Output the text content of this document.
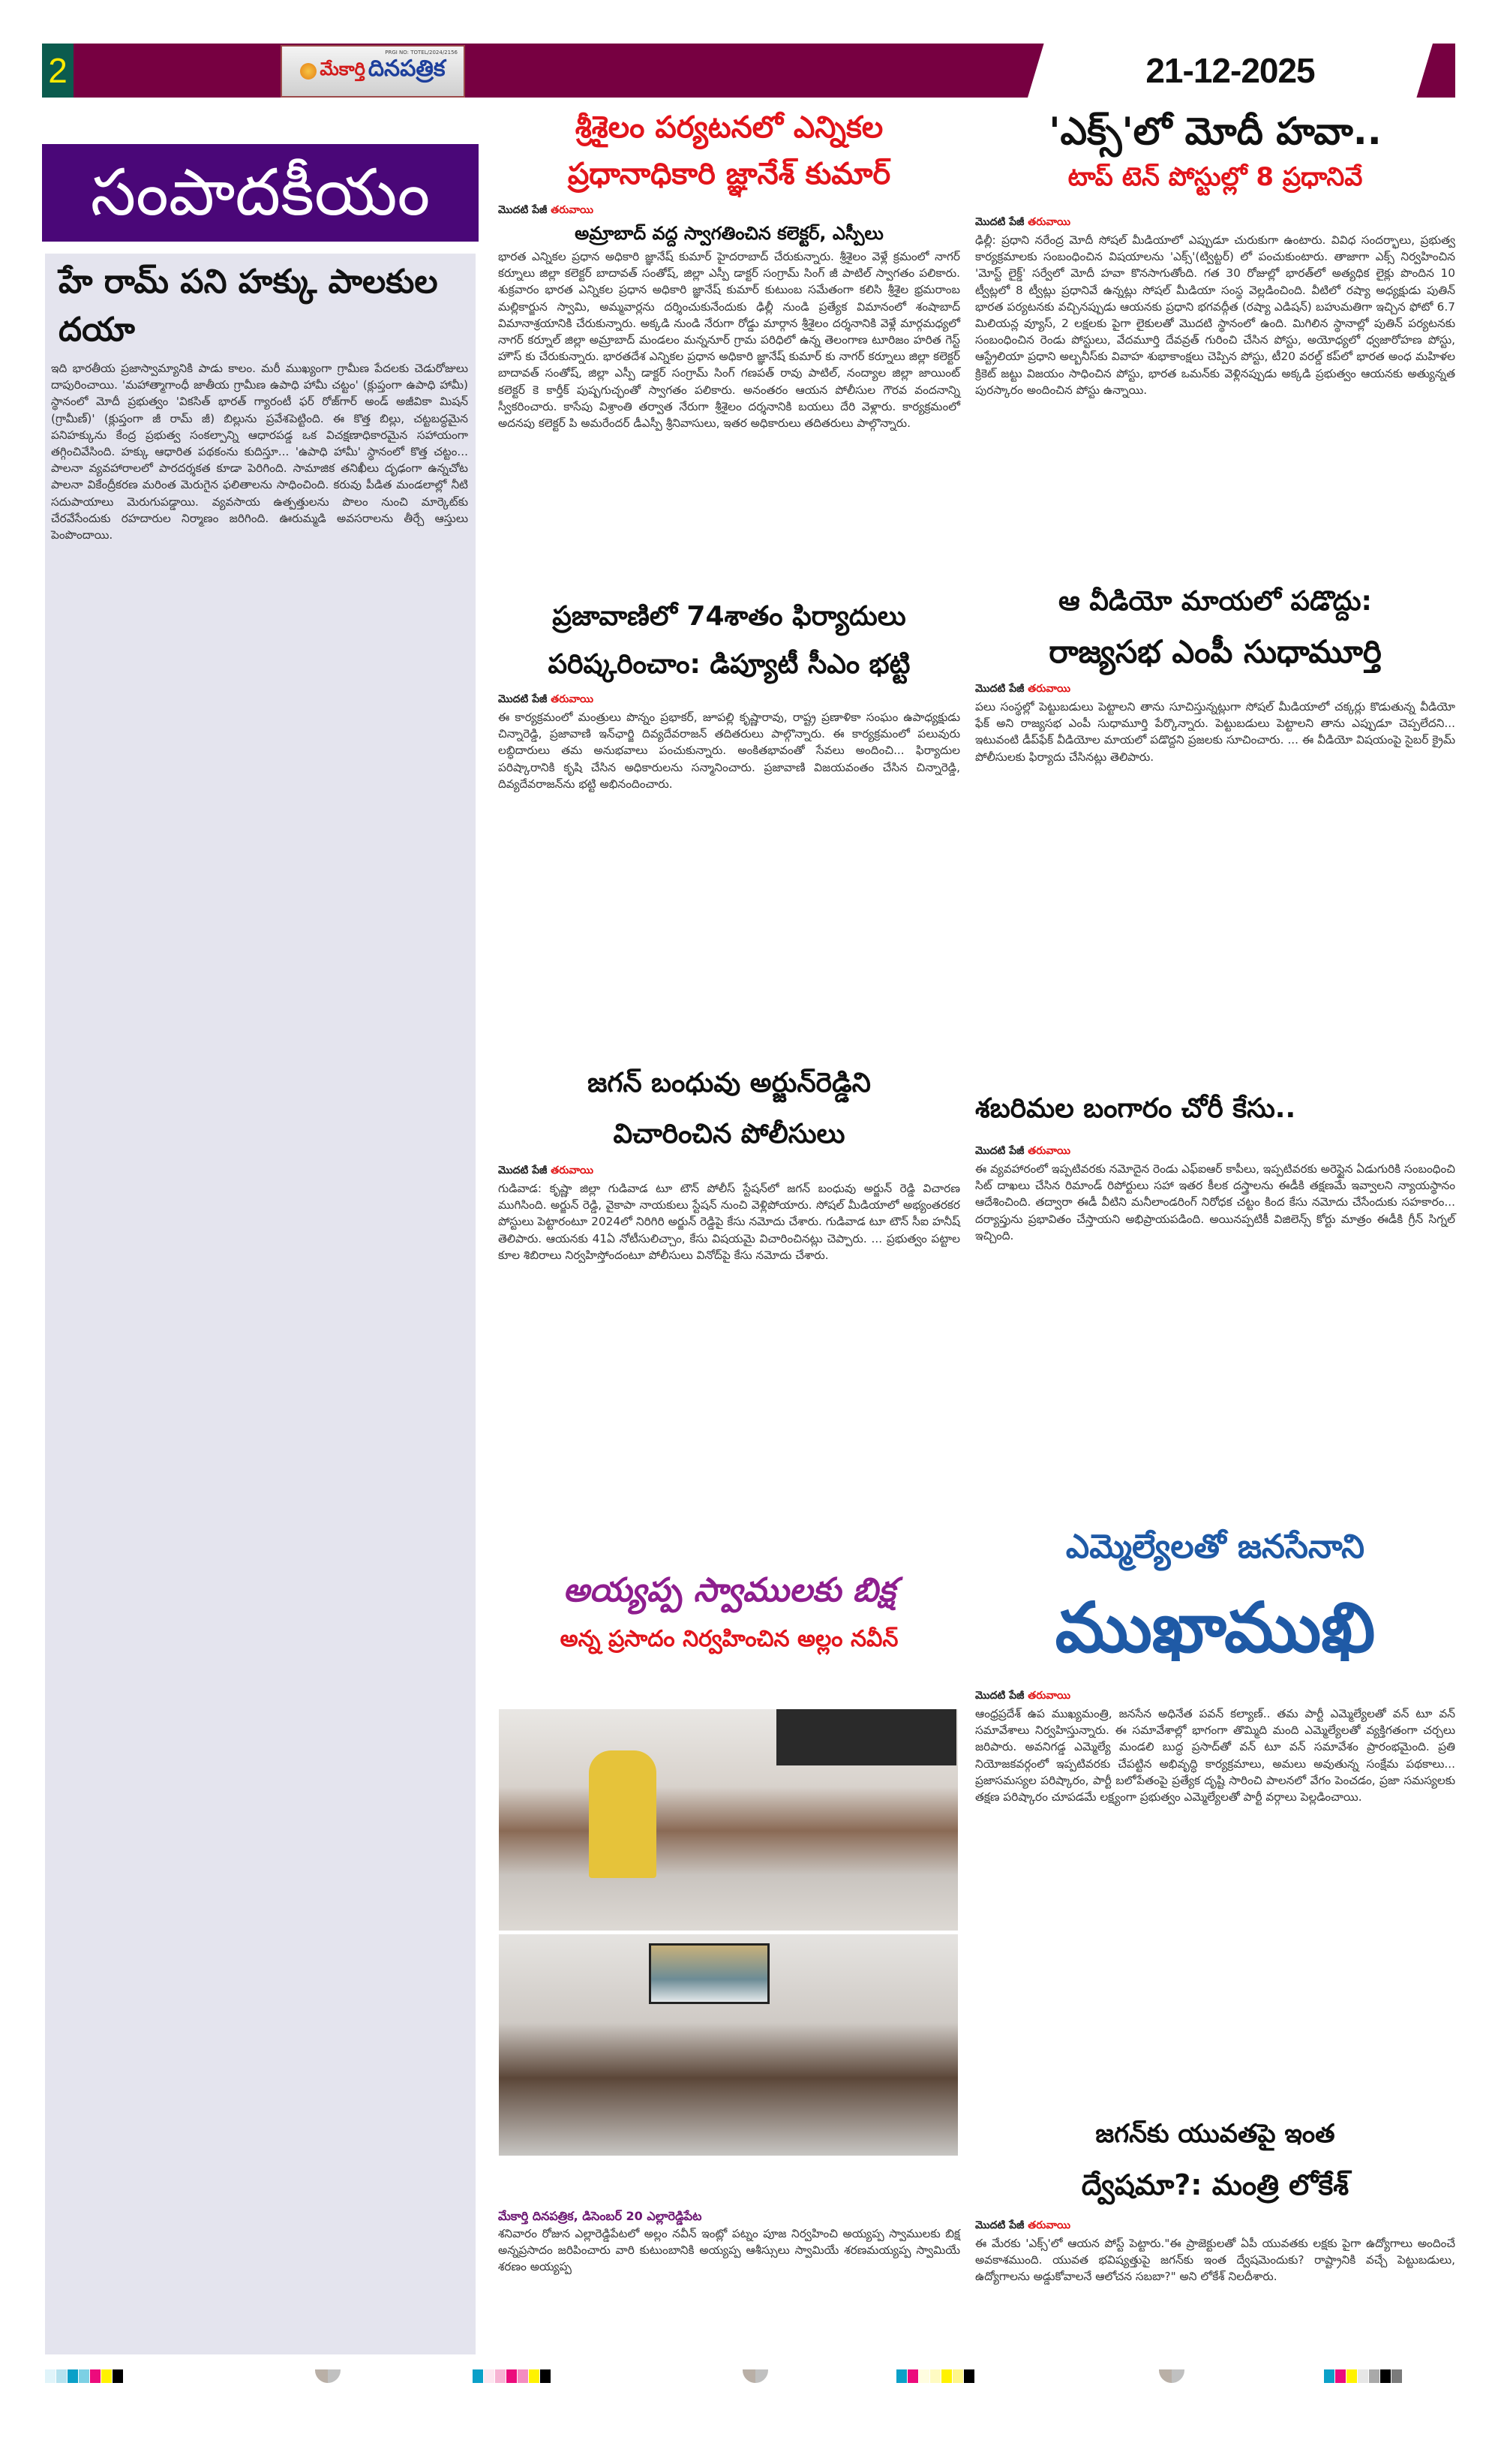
2	మేకార్తి దినపత్రిక
PRGI NO: TOTEL/2024/2156	21-12-2025
సంపాదకీయం
హే రామ్ పని హక్కు పాలకుల దయా
ఇది భారతీయ ప్రజాస్వామ్యానికి పాడు కాలం. మరీ ముఖ్యంగా గ్రామీణ పేదలకు చెడురోజులు దాపురించాయి. 'మహాత్మాగాంధీ జాతీయ గ్రామీణ ఉపాధి హామీ చట్టం' (క్లుప్తంగా ఉపాధి హామీ) స్థానంలో మోదీ ప్రభుత్వం 'వికసిత్ భారత్ గ్యారంటీ ఫర్ రోజ్‌గార్ అండ్ అజీవికా మిషన్ (గ్రామీణ్)' (క్లుప్తంగా జీ రామ్ జీ) బిల్లును ప్రవేశపెట్టింది. ఈ కొత్త బిల్లు, చట్టబద్ధమైన పనిహక్కును కేంద్ర ప్రభుత్వ సంకల్పాన్ని ఆధారపడ్డ ఒక విచక్షణాధికారమైన సహాయంగా తగ్గించివేసింది. హక్కు ఆధారిత పథకంను కుదిస్తూ... 'ఉపాధి హామీ' స్థానంలో కొత్త చట్టం... పాలనా వ్యవహారాలలో పారదర్శకత కూడా పెరిగింది. సామాజిక తనిఖీలు దృఢంగా ఉన్నచోట పాలనా వికేంద్రీకరణ మరింత మెరుగైన ఫలితాలను సాధించింది. కరువు పీడిత మండలాల్లో నీటి సదుపాయాలు మెరుగుపడ్డాయి. వ్యవసాయ ఉత్పత్తులను పొలం నుంచి మార్కెట్‌కు చేరవేసేందుకు రహదారుల నిర్మాణం జరిగింది. ఊరుమ్మడి అవసరాలను తీర్చే ఆస్తులు పెంపొందాయి.
శ్రీశైలం పర్యటనలో ఎన్నికల
ప్రధానాధికారి జ్ఞానేశ్ కుమార్
మొదటి పేజీ తరువాయి
అమ్రాబాద్ వద్ద స్వాగతించిన కలెక్టర్, ఎస్పీలు
భారత ఎన్నికల ప్రధాన అధికారి జ్ఞానేష్ కుమార్ హైదరాబాద్ చేరుకున్నారు. శ్రీశైలం వెళ్లే క్రమంలో నాగర్ కర్నూలు జిల్లా కలెక్టర్ బాదావత్ సంతోష్, జిల్లా ఎస్పీ డాక్టర్ సంగ్రామ్ సింగ్ జీ పాటిల్ స్వాగతం పలికారు. శుక్రవారం భారత ఎన్నికల ప్రధాన అధికారి జ్ఞానేష్ కుమార్ కుటుంబ సమేతంగా కలిసి శ్రీశైల భ్రమరాంబ మల్లికార్జున స్వామి, అమ్మవార్లను దర్శించుకునేందుకు ఢిల్లీ నుండి ప్రత్యేక విమానంలో శంషాబాద్ విమానాశ్రయానికి చేరుకున్నారు. అక్కడి నుండి నేరుగా రోడ్డు మార్గాన శ్రీశైలం దర్శనానికి వెళ్లే మార్గమధ్యలో నాగర్ కర్నూల్ జిల్లా అమ్రాబాద్ మండలం మన్ననూర్ గ్రామ పరిధిలో ఉన్న తెలంగాణ టూరిజం హరిత గెస్ట్ హౌస్ కు చేరుకున్నారు. భారతదేశ ఎన్నికల ప్రధాన అధికారి జ్ఞానేష్ కుమార్ కు నాగర్ కర్నూలు జిల్లా కలెక్టర్ బాదావత్ సంతోష్, జిల్లా ఎస్పీ డాక్టర్ సంగ్రామ్ సింగ్ గణపత్ రావు పాటిల్, నంద్యాల జిల్లా జాయింట్ కలెక్టర్ కె కార్తీక్ పుష్పగుచ్ఛంతో స్వాగతం పలికారు. అనంతరం ఆయన పోలీసుల గౌరవ వందనాన్ని స్వీకరించారు. కాసేపు విశ్రాంతి తర్వాత నేరుగా శ్రీశైలం దర్శనానికి బయలు దేరి వెళ్లారు. కార్యక్రమంలో అదనపు కలెక్టర్ పి అమరేందర్ డీఎస్పీ శ్రీనివాసులు, ఇతర అధికారులు తదితరులు పాల్గొన్నారు.
ప్రజావాణిలో 74శాతం ఫిర్యాదులు
పరిష్కరించాం: డిప్యూటీ సీఎం భట్టి
మొదటి పేజీ తరువాయి
ఈ కార్యక్రమంలో మంత్రులు పొన్నం ప్రభాకర్, జూపల్లి కృష్ణారావు, రాష్ట్ర ప్రణాళికా సంఘం ఉపాధ్యక్షుడు చిన్నారెడ్డి, ప్రజావాణి ఇన్‌ఛార్జి దివ్యదేవరాజన్ తదితరులు పాల్గొన్నారు. ఈ కార్యక్రమంలో పలువురు లబ్ధిదారులు తమ అనుభవాలు పంచుకున్నారు. అంకితభావంతో సేవలు అందించి... ఫిర్యాదుల పరిష్కారానికి కృషి చేసిన అధికారులను సన్మానించారు. ప్రజావాణి విజయవంతం చేసిన చిన్నారెడ్డి, దివ్యదేవరాజన్‌ను భట్టి అభినందించారు.
జగన్ బంధువు అర్జున్‌రెడ్డిని
విచారించిన పోలీసులు
మొదటి పేజీ తరువాయి
గుడివాడ: కృష్ణా జిల్లా గుడివాడ టూ టౌన్ పోలీస్ స్టేషన్‌లో జగన్ బంధువు అర్జున్ రెడ్డి విచారణ ముగిసింది. అర్జున్ రెడ్డి, వైకాపా నాయకులు స్టేషన్ నుంచి వెళ్లిపోయారు. సోషల్ మీడియాలో అభ్యంతరకర పోస్టులు పెట్టారంటూ 2024లో నిరిగిరి అర్జున్ రెడ్డిపై కేసు నమోదు చేశారు. గుడివాడ టూ టౌన్ సీఐ హనీష్ తెలిపారు. ఆయనకు 41ఏ నోటీసులిచ్చాం, కేసు విషయమై విచారించినట్లు చెప్పారు. ... ప్రభుత్వం పట్టాల కూల శిబిరాలు నిర్వహిస్తోందంటూ పోలీసులు వినోద్‌పై కేసు నమోదు చేశారు.
అయ్యప్ప స్వాములకు బిక్ష
అన్న ప్రసాదం నిర్వహించిన అల్లం నవీన్
మేకార్తి దినపత్రిక, డిసెంబర్ 20 ఎల్లారెడ్డిపేట
శనివారం రోజున ఎల్లారెడ్డిపేటలో అల్లం నవీన్ ఇంట్లో పట్నం పూజ నిర్వహించి అయ్యప్ప స్వాములకు బిక్ష అన్నప్రసాదం జరిపించారు వారి కుటుంబానికి అయ్యప్ప ఆశీస్సులు స్వామియే శరణమయ్యప్ప స్వామియే శరణం అయ్యప్ప
'ఎక్స్'లో మోదీ హవా..
టాప్ టెన్ పోస్టుల్లో 8 ప్రధానివే
మొదటి పేజీ తరువాయి
ఢిల్లీ: ప్రధాని నరేంద్ర మోదీ సోషల్ మీడియాలో ఎప్పుడూ చురుకుగా ఉంటారు. వివిధ సందర్భాలు, ప్రభుత్వ కార్యక్రమాలకు సంబంధించిన విషయాలను 'ఎక్స్'(ట్విట్టర్) లో పంచుకుంటారు. తాజాగా ఎక్స్ నిర్వహించిన 'మోస్ట్ లైక్డ్' సర్వేలో మోదీ హవా కొనసాగుతోంది. గత 30 రోజుల్లో భారత్‌లో అత్యధిక లైక్లు పొందిన 10 ట్వీట్లలో 8 ట్వీట్లు ప్రధానివే ఉన్నట్లు సోషల్ మీడియా సంస్థ వెల్లడించింది. వీటిలో రష్యా అధ్యక్షుడు పుతిన్ భారత పర్యటనకు వచ్చినప్పుడు ఆయనకు ప్రధాని భగవద్గీత (రష్యా ఎడిషన్) బహుమతిగా ఇచ్చిన ఫోటో 6.7 మిలియన్ల వ్యూస్, 2 లక్షలకు పైగా లైకులతో మొదటి స్థానంలో ఉంది. మిగిలిన స్థానాల్లో పుతిన్ పర్యటనకు సంబంధించిన రెండు పోస్టులు, వేదమూర్తి దేవవ్రత్ గురించి చేసిన పోస్టు, అయోధ్యలో ధ్వజారోహణ పోస్టు, ఆస్ట్రేలియా ప్రధాని అల్బనీస్‌కు వివాహ శుభాకాంక్షలు చెప్పిన పోస్టు, టీ20 వరల్డ్ కప్‌లో భారత అంధ మహిళల క్రికెట్ జట్టు విజయం సాధించిన పోస్టు, భారత ఒమన్‌కు వెళ్లినప్పుడు అక్కడి ప్రభుత్వం ఆయనకు అత్యున్నత పురస్కారం అందించిన పోస్టు ఉన్నాయి.
ఆ వీడియో మాయలో పడొద్దు:
రాజ్యసభ ఎంపీ సుధామూర్తి
మొదటి పేజీ తరువాయి
పలు సంస్థల్లో పెట్టుబడులు పెట్టాలని తాను సూచిస్తున్నట్లుగా సోషల్ మీడియాలో చక్కర్లు కొడుతున్న వీడియో ఫేక్ అని రాజ్యసభ ఎంపీ సుధామూర్తి పేర్కొన్నారు. పెట్టుబడులు పెట్టాలని తాను ఎప్పుడూ చెప్పలేదని... ఇటువంటి డీప్‌ఫేక్ వీడియోల మాయలో పడొద్దని ప్రజలకు సూచించారు. ... ఈ వీడియో విషయంపై సైబర్ క్రైమ్ పోలీసులకు ఫిర్యాదు చేసినట్లు తెలిపారు.
శబరిమల బంగారం చోరీ కేసు..
మొదటి పేజీ తరువాయి
ఈ వ్యవహారంలో ఇప్పటివరకు నమోదైన రెండు ఎఫ్ఐఆర్ కాపీలు, ఇప్పటివరకు అరెస్టైన ఏడుగురికి సంబంధించి సిట్ దాఖలు చేసిన రిమాండ్ రిపోర్టులు సహా ఇతర కీలక దస్త్రాలను ఈడీకి తక్షణమే ఇవ్వాలని న్యాయస్థానం ఆదేశించింది. తద్వారా ఈడీ వీటిని మనీలాండరింగ్ నిరోధక చట్టం కింద కేసు నమోదు చేసేందుకు సహకారం... దర్యాప్తును ప్రభావితం చేస్తాయని అభిప్రాయపడింది. అయినప్పటికీ విజిలెన్స్ కోర్టు మాత్రం ఈడీకి గ్రీన్ సిగ్నల్ ఇచ్చింది.
ఎమ్మెల్యేలతో జనసేనాని
ముఖాముఖి
మొదటి పేజీ తరువాయి
ఆంధ్రప్రదేశ్ ఉప ముఖ్యమంత్రి, జనసేన అధినేత పవన్ కల్యాణ్.. తమ పార్టీ ఎమ్మెల్యేలతో వన్ టూ వన్ సమావేశాలు నిర్వహిస్తున్నారు. ఈ సమావేశాల్లో భాగంగా తొమ్మిది మంది ఎమ్మెల్యేలతో వ్యక్తిగతంగా చర్చలు జరిపారు. అవనిగడ్డ ఎమ్మెల్యే మండలి బుద్ధ ప్రసాద్‌తో వన్ టూ వన్ సమావేశం ప్రారంభమైంది. ప్రతి నియోజకవర్గంలో ఇప్పటివరకు చేపట్టిన అభివృద్ధి కార్యక్రమాలు, అమలు అవుతున్న సంక్షేమ పథకాలు... ప్రజాసమస్యల పరిష్కారం, పార్టీ బలోపేతంపై ప్రత్యేక దృష్టి సారించి పాలనలో వేగం పెంచడం, ప్రజా సమస్యలకు తక్షణ పరిష్కారం చూపడమే లక్ష్యంగా ప్రభుత్వం ఎమ్మెల్యేలతో పార్టీ వర్గాలు పెల్లడించాయి.
జగన్‌కు యువతపై ఇంత
ద్వేషమా?: మంత్రి లోకేశ్
మొదటి పేజీ తరువాయి
ఈ మేరకు 'ఎక్స్'లో ఆయన పోస్ట్ పెట్టారు."ఈ ప్రాజెక్టులతో ఏపీ యువతకు లక్షకు పైగా ఉద్యోగాలు అందించే అవకాశముంది. యువత భవిష్యత్తుపై జగన్‌కు ఇంత ద్వేషమెందుకు? రాష్ట్రానికి వచ్చే పెట్టుబడులు, ఉద్యోగాలను అడ్డుకోవాలనే ఆలోచన సబబా?" అని లోకేశ్ నిలదీశారు.
